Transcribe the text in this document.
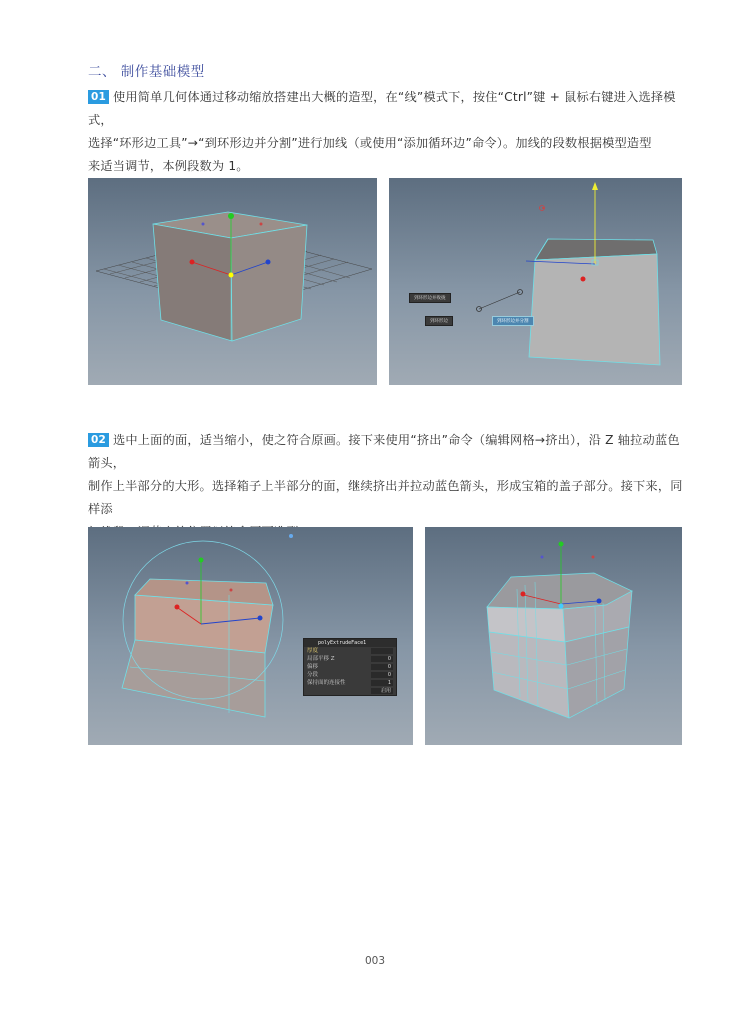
二、 制作基础模型
01 使用简单几何体通过移动缩放搭建出大概的造型，在“线”模式下，按住“Ctrl”键 + 鼠标右键进入选择模式，
选择“环形边工具”→“到环形边并分割”进行加线（或使用“添加循环边”命令）。加线的段数根据模型造型
来适当调节，本例段数为 1。
到环形边并收拢
到环形边	到环形边并分割
02 选中上面的面，适当缩小，使之符合原画。接下来使用“挤出”命令（编辑网格→挤出），沿 Z 轴拉动蓝色箭头，
制作上半部分的大形。选择箱子上半部分的面，继续挤出并拉动蓝色箭头，形成宝箱的盖子部分。接下来，同样添
polyExtrudeFace1
厚度
局部平移 Z	0
偏移	0
分段	0
保持面的连接性	1
启用
003
